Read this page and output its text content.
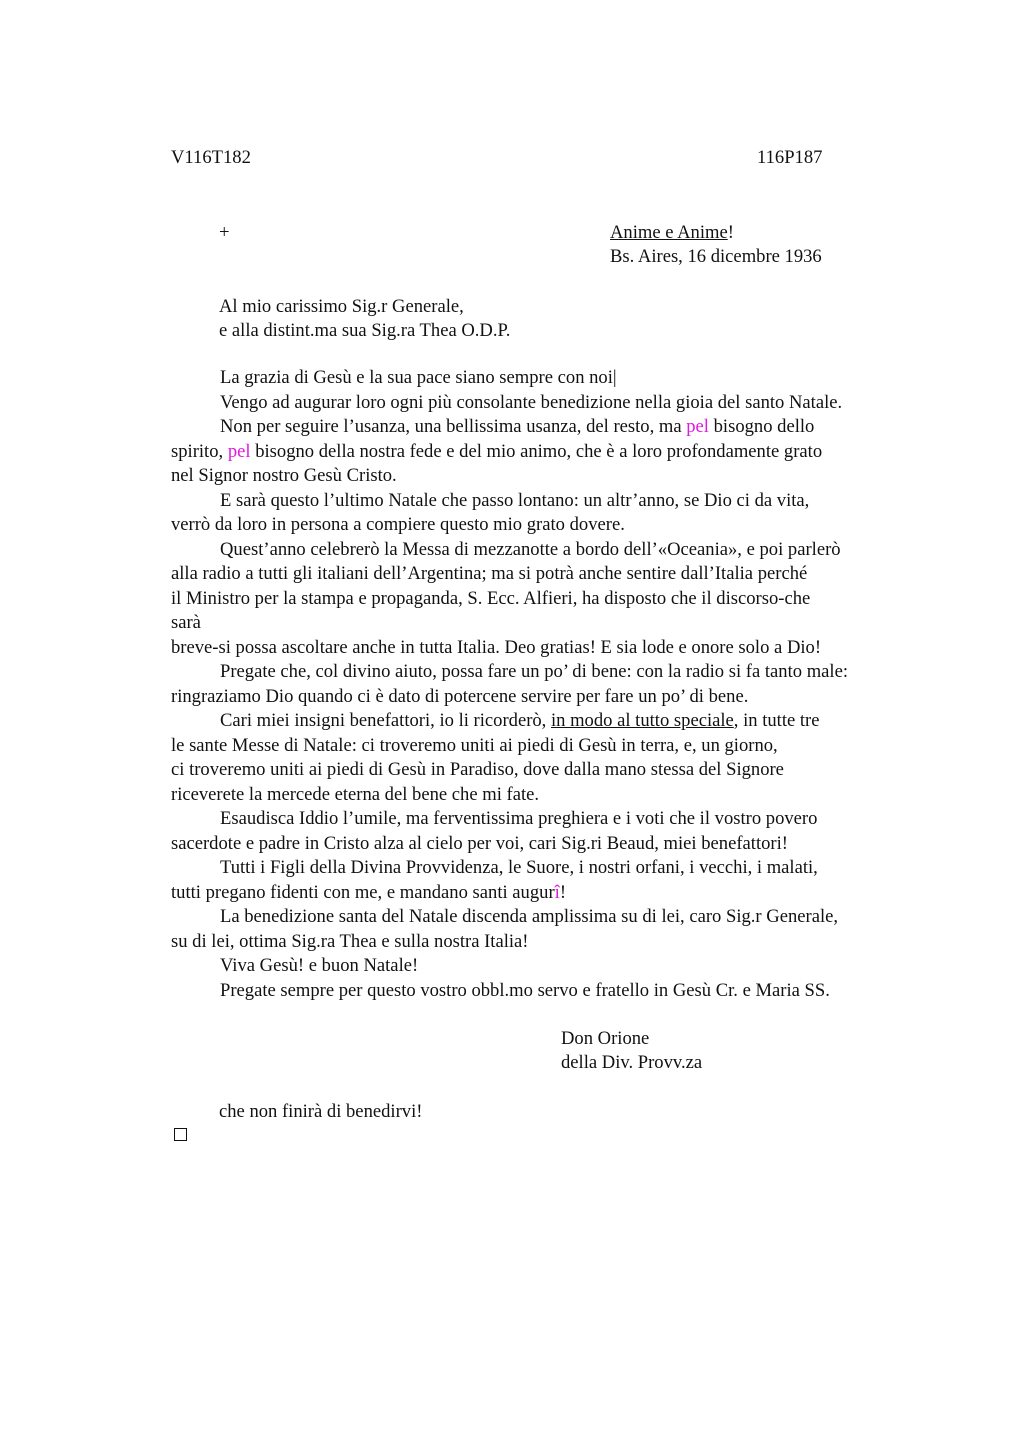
V116T182	116P187
+	Anime e Anime!
Bs. Aires, 16 dicembre 1936
Al mio carissimo Sig.r Generale,
e alla distint.ma sua Sig.ra Thea O.D.P.
La grazia di Gesù e la sua pace siano sempre con noi|
Vengo ad augurar loro ogni più consolante benedizione nella gioia del santo Natale.
Non per seguire l’usanza, una bellissima usanza, del resto, ma pel bisogno dello
spirito, pel bisogno della nostra fede e del mio animo, che è a loro profondamente grato
nel Signor nostro Gesù Cristo.
E sarà questo l’ultimo Natale che passo lontano: un altr’anno, se Dio ci da vita,
verrò da loro in persona a compiere questo mio grato dovere.
Quest’anno celebrerò la Messa di mezzanotte a bordo dell’«Oceania», e poi parlerò
alla radio a tutti gli italiani dell’Argentina; ma si potrà anche sentire dall’Italia perché
il Ministro per la stampa e propaganda, S. Ecc. Alfieri, ha disposto che il discorso-che
sarà
breve-si possa ascoltare anche in tutta Italia. Deo gratias! E sia lode e onore solo a Dio!
Pregate che, col divino aiuto, possa fare un po’ di bene: con la radio si fa tanto male:
ringraziamo Dio quando ci è dato di potercene servire per fare un po’ di bene.
Cari miei insigni benefattori, io li ricorderò, in modo al tutto speciale, in tutte tre
le sante Messe di Natale: ci troveremo uniti ai piedi di Gesù in terra, e, un giorno,
ci troveremo uniti ai piedi di Gesù in Paradiso, dove dalla mano stessa del Signore
riceverete la mercede eterna del bene che mi fate.
Esaudisca Iddio l’umile, ma ferventissima preghiera e i voti che il vostro povero
sacerdote e padre in Cristo alza al cielo per voi, cari Sig.ri Beaud, miei benefattori!
Tutti i Figli della Divina Provvidenza, le Suore, i nostri orfani, i vecchi, i malati,
tutti pregano fidenti con me, e mandano santi augurî!
La benedizione santa del Natale discenda amplissima su di lei, caro Sig.r Generale,
su di lei, ottima Sig.ra Thea e sulla nostra Italia!
Viva Gesù! e buon Natale!
Pregate sempre per questo vostro obbl.mo servo e fratello in Gesù Cr. e Maria SS.
Don Orione
della Div. Provv.za
che non finirà di benedirvi!
